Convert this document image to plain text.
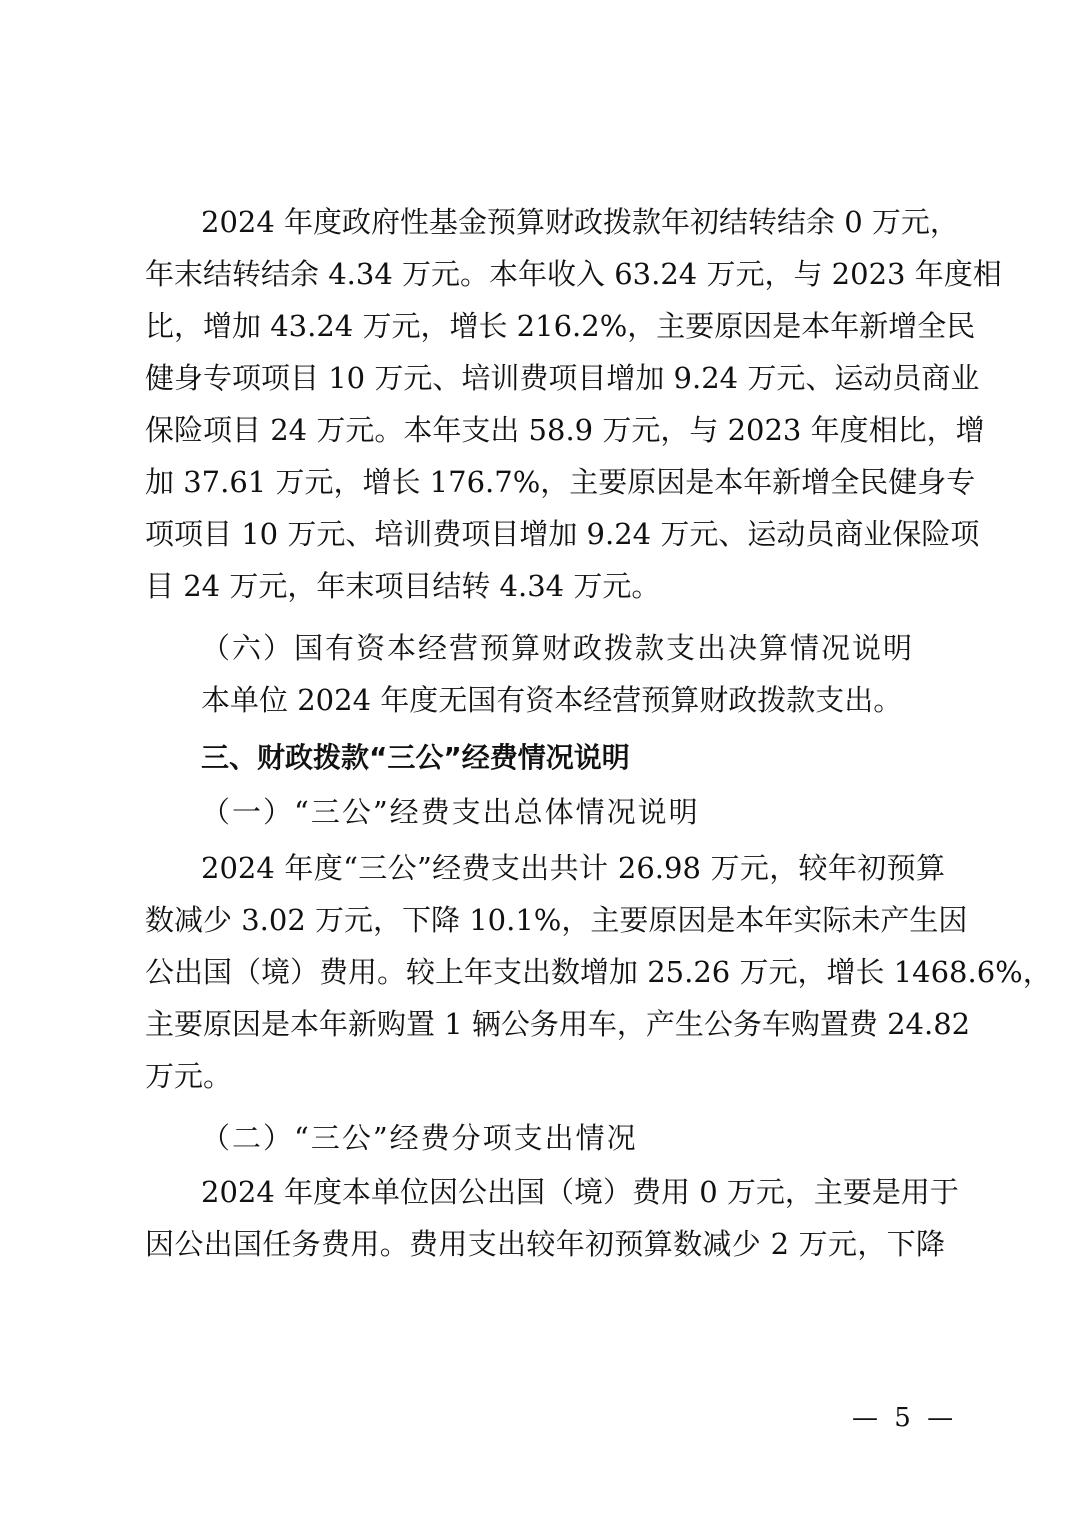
2024 年度政府性基金预算财政拨款年初结转结余 0 万元，
年末结转结余 4.34 万元。本年收入 63.24 万元，与 2023 年度相
比，增加 43.24 万元，增长 216.2%，主要原因是本年新增全民
健身专项项目 10 万元、培训费项目增加 9.24 万元、运动员商业
保险项目 24 万元。本年支出 58.9 万元，与 2023 年度相比，增
加 37.61 万元，增长 176.7%，主要原因是本年新增全民健身专
项项目 10 万元、培训费项目增加 9.24 万元、运动员商业保险项
目 24 万元，年末项目结转 4.34 万元。
（六）国有资本经营预算财政拨款支出决算情况说明
本单位 2024 年度无国有资本经营预算财政拨款支出。
三、财政拨款“三公”经费情况说明
（一）“三公”经费支出总体情况说明
2024 年度“三公”经费支出共计 26.98 万元，较年初预算
数减少 3.02 万元，下降 10.1%，主要原因是本年实际未产生因
公出国（境）费用。较上年支出数增加 25.26 万元，增长 1468.6%，
主要原因是本年新购置 1 辆公务用车，产生公务车购置费 24.82
万元。
（二）“三公”经费分项支出情况
2024 年度本单位因公出国（境）费用 0 万元，主要是用于
因公出国任务费用。费用支出较年初预算数减少 2 万元，下降
— 5 —
